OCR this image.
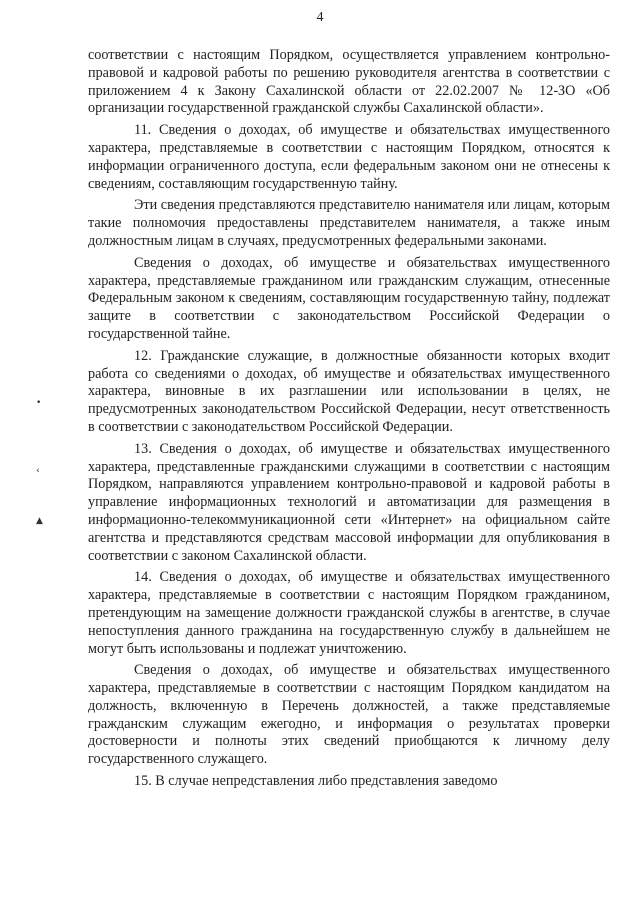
4
•
‹
▲

соответствии с настоящим Порядком, осуществляется управлением контрольно-правовой и кадровой работы по решению руководителя агентства в соответствии с приложением 4 к Закону Сахалинской области от 22.02.2007 № 12-ЗО «Об организации государственной гражданской службы Сахалинской области».

11. Сведения о доходах, об имуществе и обязательствах имущественного характера, представляемые в соответствии с настоящим Порядком, относятся к информации ограниченного доступа, если федеральным законом они не отнесены к сведениям, составляющим государственную тайну.

Эти сведения представляются представителю нанимателя или лицам, которым такие полномочия предоставлены представителем нанимателя, а также иным должностным лицам в случаях, предусмотренных федеральными законами.

Сведения о доходах, об имуществе и обязательствах имущественного характера, представляемые гражданином или гражданским служащим, отнесенные Федеральным законом к сведениям, составляющим государственную тайну, подлежат защите в соответствии с законодательством Российской Федерации о государственной тайне.

12. Гражданские служащие, в должностные обязанности которых входит работа со сведениями о доходах, об имуществе и обязательствах имущественного характера, виновные в их разглашении или использовании в целях, не предусмотренных законодательством Российской Федерации, несут ответственность в соответствии с законодательством Российской Федерации.

13. Сведения о доходах, об имуществе и обязательствах имущественного характера, представленные гражданскими служащими в соответствии с настоящим Порядком, направляются управлением контрольно-правовой и кадровой работы в управление информационных технологий и автоматизации для размещения в информационно-телекоммуникационной сети «Интернет» на официальном сайте агентства и представляются средствам массовой информации для опубликования в соответствии с законом Сахалинской области.

14. Сведения о доходах, об имуществе и обязательствах имущественного характера, представляемые в соответствии с настоящим Порядком гражданином, претендующим на замещение должности гражданской службы в агентстве, в случае непоступления данного гражданина на государственную службу в дальнейшем не могут быть использованы и подлежат уничтожению.

Сведения о доходах, об имуществе и обязательствах имущественного характера, представляемые в соответствии с настоящим Порядком кандидатом на должность, включенную в Перечень должностей, а также представляемые гражданским служащим ежегодно, и информация о результатах проверки достоверности и полноты этих сведений приобщаются к личному делу государственного служащего.

15. В случае непредставления либо представления заведомо
